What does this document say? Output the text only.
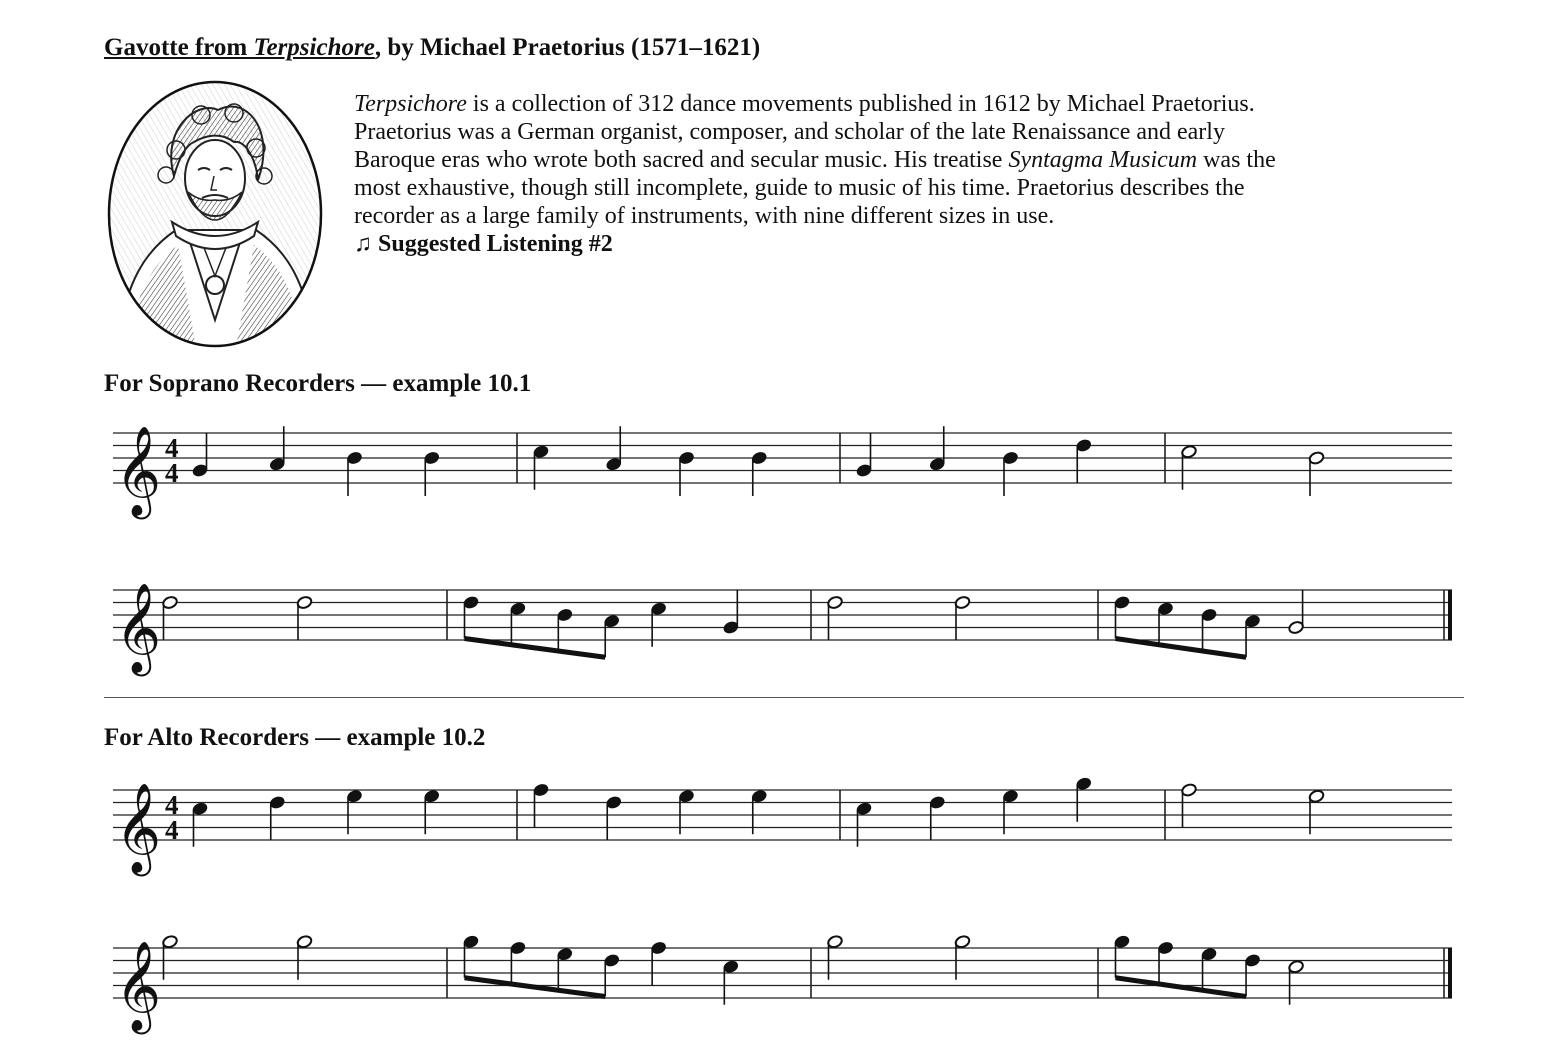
Gavotte from Terpsichore, by Michael Praetorius (1571–1621)

Terpsichore is a collection of 312 dance movements published in 1612 by Michael Praetorius.

Praetorius was a German organist, composer, and scholar of the late Renaissance and early

Baroque eras who wrote both sacred and secular music. His treatise Syntagma Musicum was the

most exhaustive, though still incomplete, guide to music of his time. Praetorius describes the

recorder as a large family of instruments, with nine different sizes in use.

♫ Suggested Listening #2

For Soprano Recorders — example 10.1
For Alto Recorders — example 10.2
𝄞 4
4
𝄞
𝄞 4
4
𝄞
